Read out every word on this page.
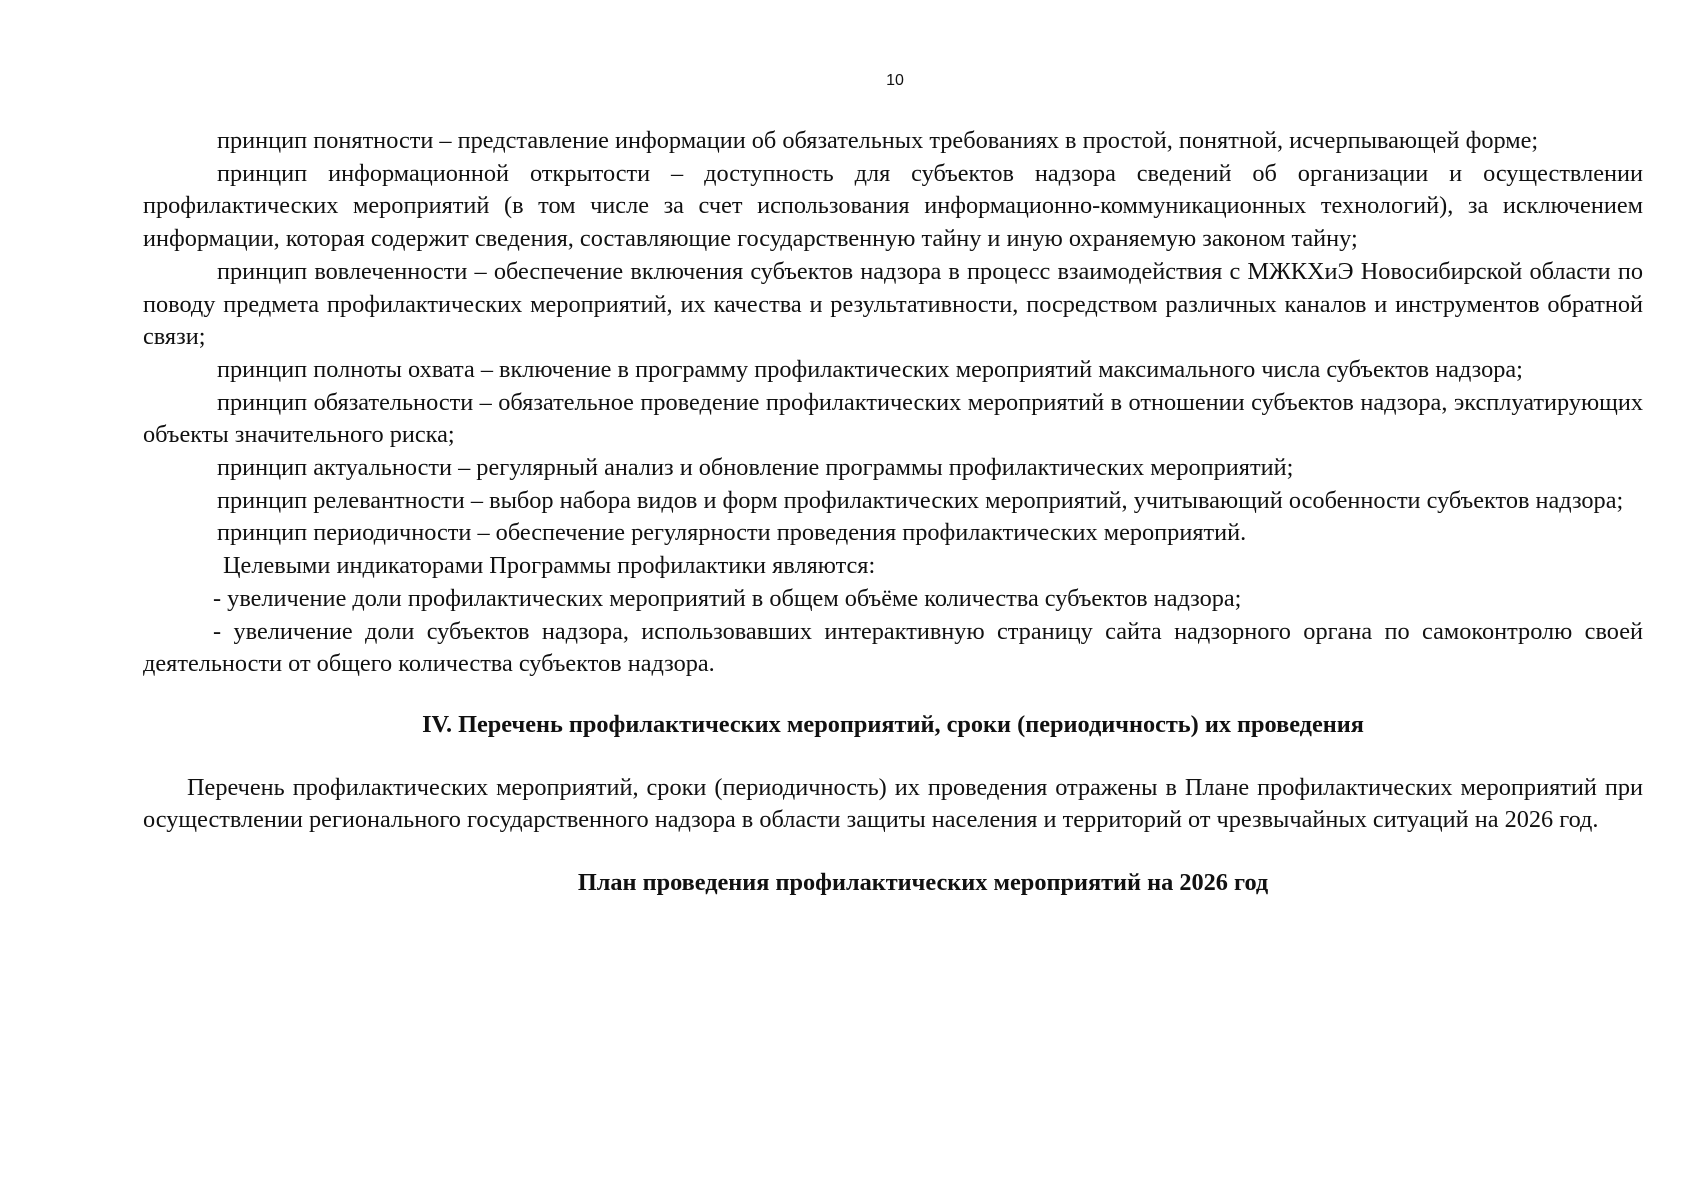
10

принцип понятности – представление информации об обязательных требованиях в простой, понятной, исчерпывающей форме;

принцип информационной открытости – доступность для субъектов надзора сведений об организации и осуществлении профилактических мероприятий (в том числе за счет использования информационно-коммуникационных технологий), за исключением информации, которая содержит сведения, составляющие государственную тайну и иную охраняемую законом тайну;

принцип вовлеченности – обеспечение включения субъектов надзора в процесс взаимодействия с МЖКХиЭ Новосибирской области по поводу предмета профилактических мероприятий, их качества и результативности, посредством различных каналов и инструментов обратной связи;

принцип полноты охвата – включение в программу профилактических мероприятий максимального числа субъектов надзора;

принцип обязательности – обязательное проведение профилактических мероприятий в отношении субъектов надзора, эксплуатирующих объекты значительного риска;

принцип актуальности – регулярный анализ и обновление программы профилактических мероприятий;

принцип релевантности – выбор набора видов и форм профилактических мероприятий, учитывающий особенности субъектов надзора;

принцип периодичности – обеспечение регулярности проведения профилактических мероприятий.

Целевыми индикаторами Программы профилактики являются:

- увеличение доли профилактических мероприятий в общем объёме количества субъектов надзора;

- увеличение доли субъектов надзора, использовавших интерактивную страницу сайта надзорного органа по самоконтролю своей деятельности от общего количества субъектов надзора.

IV. Перечень профилактических мероприятий, сроки (периодичность) их проведения

Перечень профилактических мероприятий, сроки (периодичность) их проведения отражены в Плане профилактических мероприятий при осуществлении регионального государственного надзора в области защиты населения и территорий от чрезвычайных ситуаций на 2026 год.

План проведения профилактических мероприятий на 2026 год
